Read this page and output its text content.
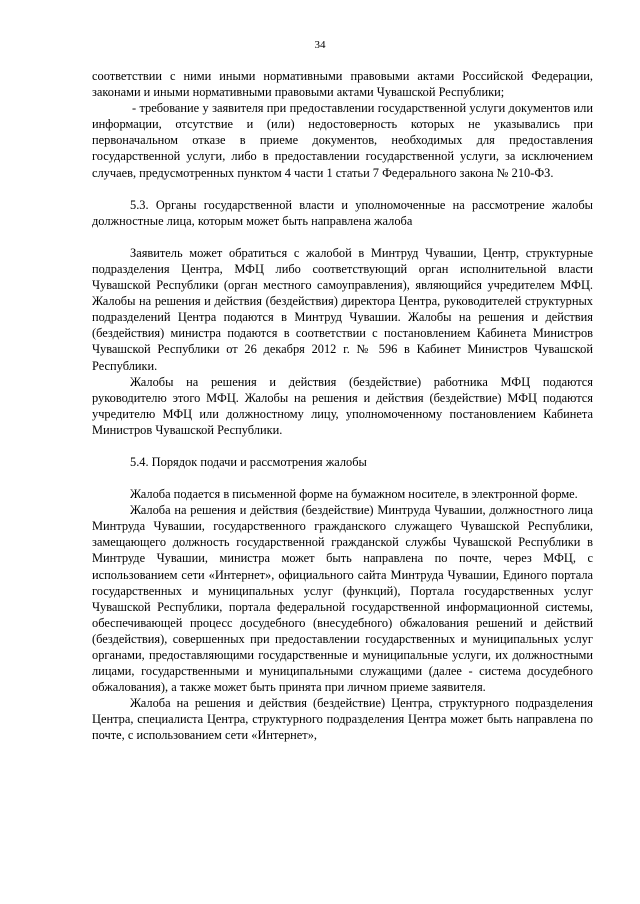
34

соответствии с ними иными нормативными правовыми актами Российской Федерации, законами и иными нормативными правовыми актами Чувашской Республики;

- требование у заявителя при предоставлении государственной услуги документов или информации, отсутствие и (или) недостоверность которых не указывались при первоначальном отказе в приеме документов, необходимых для предоставления государственной услуги, либо в предоставлении государственной услуги, за исключением случаев, предусмотренных пунктом 4 части 1 статьи 7 Федерального закона № 210-ФЗ.

5.3. Органы государственной власти и уполномоченные на рассмотрение жалобы должностные лица, которым может быть направлена жалоба

Заявитель может обратиться с жалобой в Минтруд Чувашии, Центр, структурные подразделения Центра, МФЦ либо соответствующий орган исполнительной власти Чувашской Республики (орган местного самоуправления), являющийся учредителем МФЦ. Жалобы на решения и действия (бездействия) директора Центра, руководителей структурных подразделений Центра подаются в Минтруд Чувашии. Жалобы на решения и действия (бездействия) министра подаются в соответствии с постановлением Кабинета Министров Чувашской Республики от 26 декабря 2012 г. № 596 в Кабинет Министров Чувашской Республики.

Жалобы на решения и действия (бездействие) работника МФЦ подаются руководителю этого МФЦ. Жалобы на решения и действия (бездействие) МФЦ подаются учредителю МФЦ или должностному лицу, уполномоченному постановлением Кабинета Министров Чувашской Республики.

5.4. Порядок подачи и рассмотрения жалобы

Жалоба подается в письменной форме на бумажном носителе, в электронной форме.

Жалоба на решения и действия (бездействие) Минтруда Чувашии, должностного лица Минтруда Чувашии, государственного гражданского служащего Чувашской Республики, замещающего должность государственной гражданской службы Чувашской Республики в Минтруде Чувашии, министра может быть направлена по почте, через МФЦ, с использованием сети «Интернет», официального сайта Минтруда Чувашии, Единого портала государственных и муниципальных услуг (функций), Портала государственных услуг Чувашской Республики, портала федеральной государственной информационной системы, обеспечивающей процесс досудебного (внесудебного) обжалования решений и действий (бездействия), совершенных при предоставлении государственных и муниципальных услуг органами, предоставляющими государственные и муниципальные услуги, их должностными лицами, государственными и муниципальными служащими (далее - система досудебного обжалования), а также может быть принята при личном приеме заявителя.

Жалоба на решения и действия (бездействие) Центра, структурного подразделения Центра, специалиста Центра, структурного подразделения Центра может быть направлена по почте, с использованием сети «Интернет»,
